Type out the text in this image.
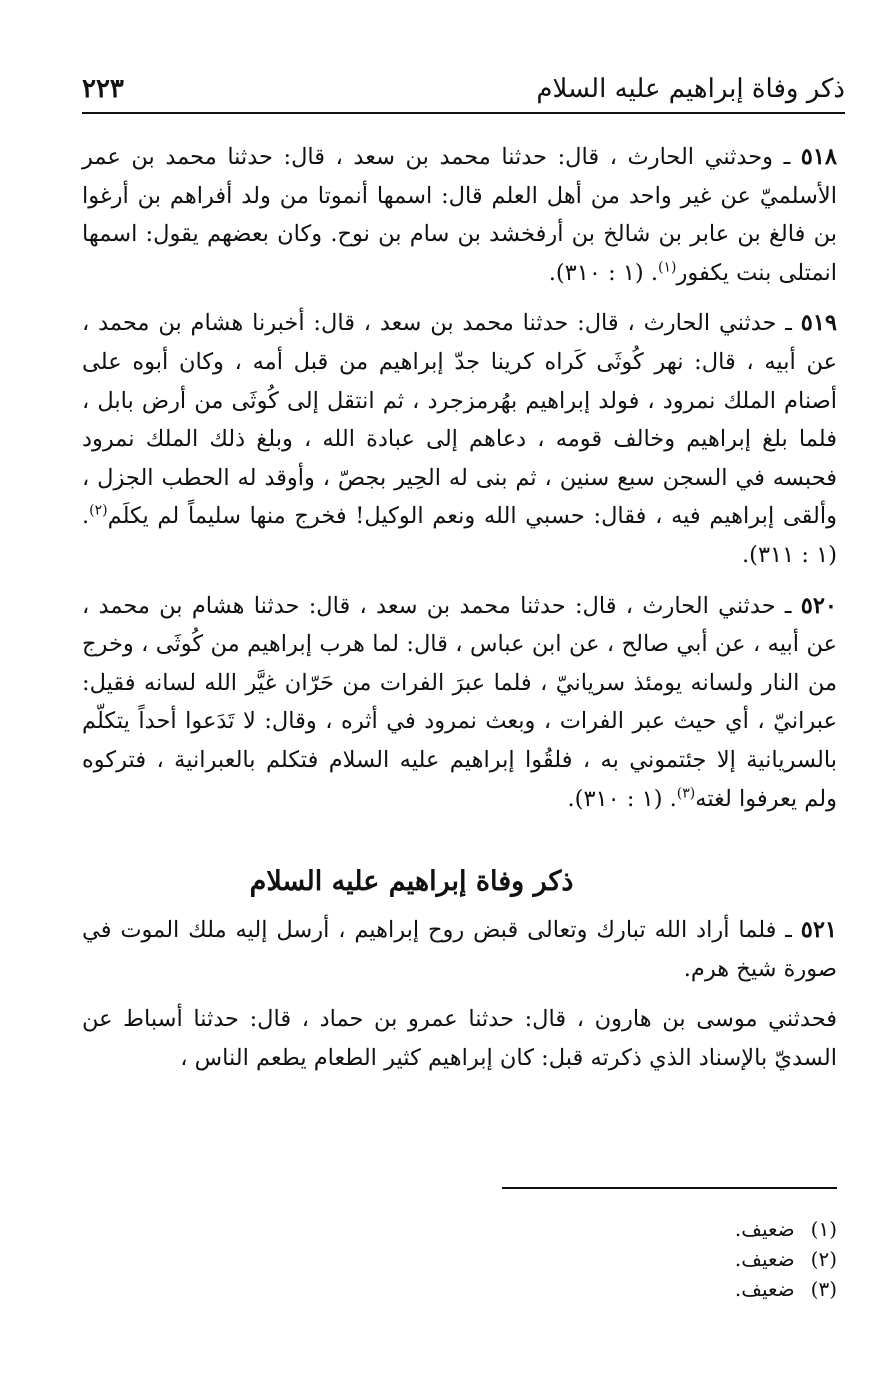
ذكر وفاة إبراهيم عليه السلام
٢٢٣

٥١٨ ـ وحدثني الحارث ، قال: حدثنا محمد بن سعد ، قال: حدثنا محمد بن عمر الأسلميّ عن غير واحد من أهل العلم قال: اسمها أنموتا من ولد أفراهم بن أرغوا بن فالغ بن عابر بن شالخ بن أرفخشد بن سام بن نوح. وكان بعضهم يقول: اسمها انمتلى بنت يكفور$^{(١)}$. (١ : ٣١٠).

٥١٩ ـ حدثني الحارث ، قال: حدثنا محمد بن سعد ، قال: أخبرنا هشام بن محمد ، عن أبيه ، قال: نهر كُوثَى كَراه كرينا جدّ إبراهيم من قبل أمه ، وكان أبوه على أصنام الملك نمرود ، فولد إبراهيم بهُرمزجرد ، ثم انتقل إلى كُوثَى من أرض بابل ، فلما بلغ إبراهيم وخالف قومه ، دعاهم إلى عبادة الله ، وبلغ ذلك الملك نمرود فحبسه في السجن سبع سنين ، ثم بنى له الحِير بجصّ ، وأوقد له الحطب الجزل ، وألقى إبراهيم فيه ، فقال: حسبي الله ونعم الوكيل! فخرج منها سليماً لم يكلَم$^{(٢)}$. (١ : ٣١١).

٥٢٠ ـ حدثني الحارث ، قال: حدثنا محمد بن سعد ، قال: حدثنا هشام بن محمد ، عن أبيه ، عن أبي صالح ، عن ابن عباس ، قال: لما هرب إبراهيم من كُوثَى ، وخرج من النار ولسانه يومئذ سريانيّ ، فلما عبرَ الفرات من حَرّان غيَّر الله لسانه فقيل: عبرانيّ ، أي حيث عبر الفرات ، وبعث نمرود في أثره ، وقال: لا تَدَعوا أحداً يتكلّم بالسريانية إلا جئتموني به ، فلقُوا إبراهيم عليه السلام فتكلم بالعبرانية ، فتركوه ولم يعرفوا لغته$^{(٣)}$. (١ : ٣١٠).

ذكر وفاة إبراهيم عليه السلام

٥٢١ ـ فلما أراد الله تبارك وتعالى قبض روح إبراهيم ، أرسل إليه ملك الموت في صورة شيخ هرم.

فحدثني موسى بن هارون ، قال: حدثنا عمرو بن حماد ، قال: حدثنا أسباط عن السديّ بالإسناد الذي ذكرته قبل: كان إبراهيم كثير الطعام يطعم الناس ،

(١) ضعيف.
(٢) ضعيف.
(٣) ضعيف.
